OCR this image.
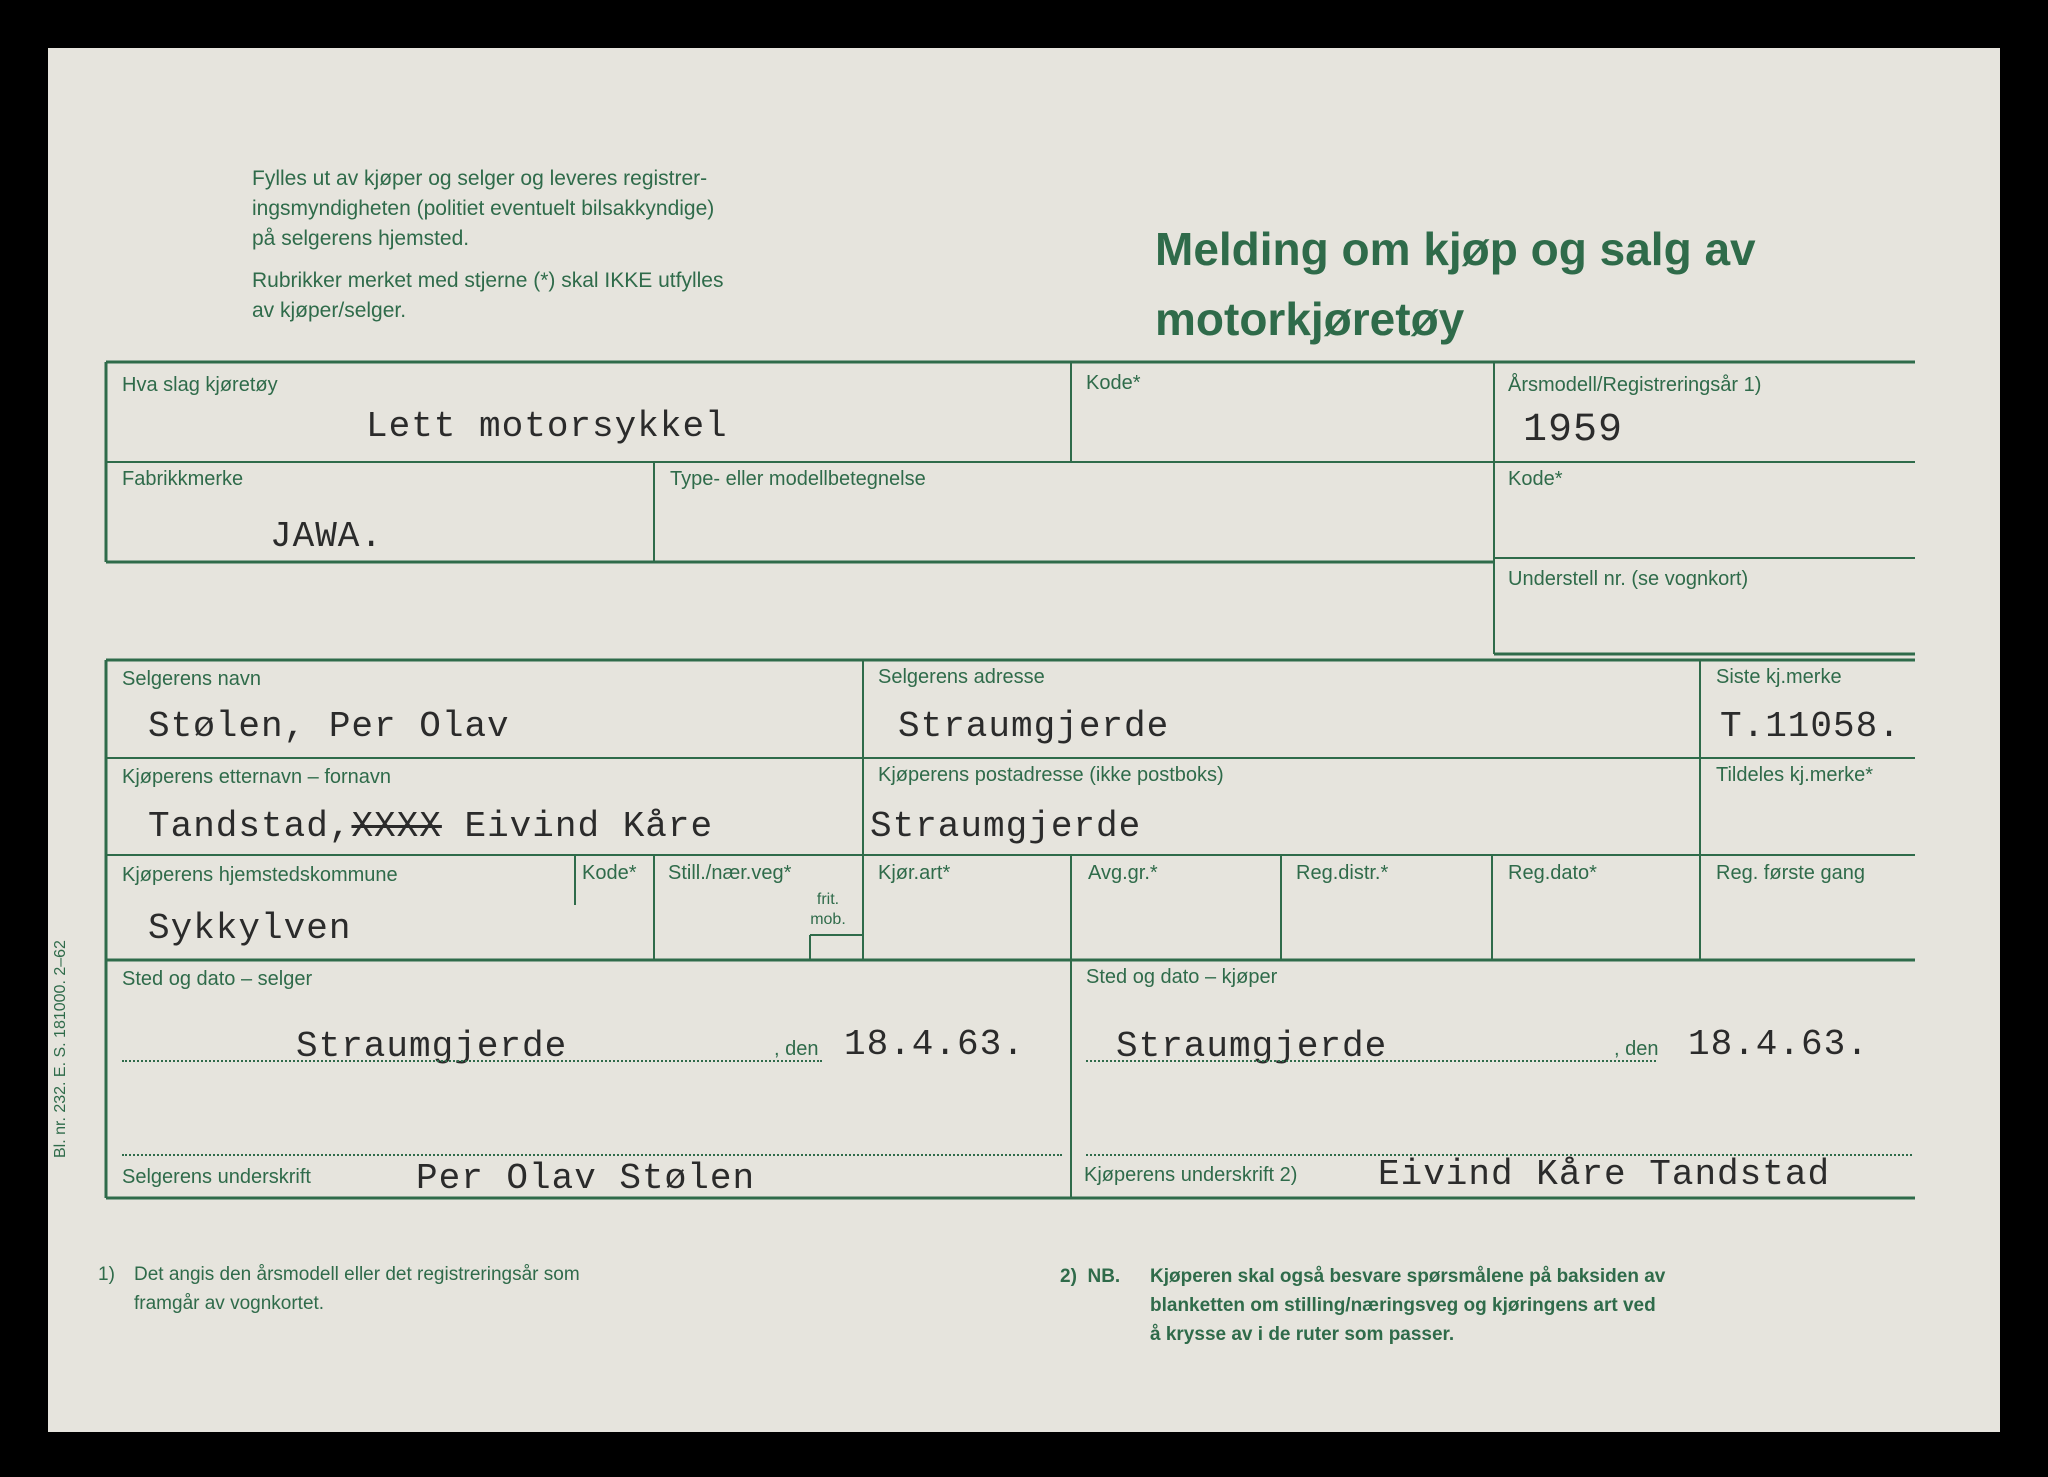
Fylles ut av kjøper og selger og leveres registrer-
ingsmyndigheten (politiet eventuelt bilsakkyndige)
på selgerens hjemsted.
Rubrikker merket med stjerne (*) skal IKKE utfylles
av kjøper/selger.
Melding om kjøp og salg av
motorkjøretøy
Hva slag kjøretøy
Lett motorsykkel
Kode*	Årsmodell/Registreringsår 1)
1959
Fabrikkmerke
JAWA.
Type- eller modellbetegnelse	Kode*
Understell nr. (se vognkort)
Selgerens navn
Stølen, Per Olav
Selgerens adresse
Straumgjerde
Siste kj.merke
T.11058.
Kjøperens etternavn – fornavn
Tandstad,XXXX Eivind Kåre
Kjøperens postadresse (ikke postboks)
Straumgjerde
Tildeles kj.merke*
Kjøperens hjemstedskommune
Sykkylven
Kode* Still./nær.veg*
frit. mob.
Kjør.art*	Avg.gr.*	Reg.distr.*	Reg.dato*	Reg. første gang
Sted og dato – selger
Straumgjerde	, den 18.4.63.
Sted og dato – kjøper
Straumgjerde	, den 18.4.63.
Selgerens underskrift	Per Olav Stølen	Kjøperens underskrift 2) Eivind Kåre Tandstad
Bl. nr. 232. E. S. 181000. 2–62
1) Det angis den årsmodell eller det registreringsår som
framgår av vognkortet.
2) NB. Kjøperen skal også besvare spørsmålene på baksiden av
blanketten om stilling/næringsveg og kjøringens art ved
å krysse av i de ruter som passer.
